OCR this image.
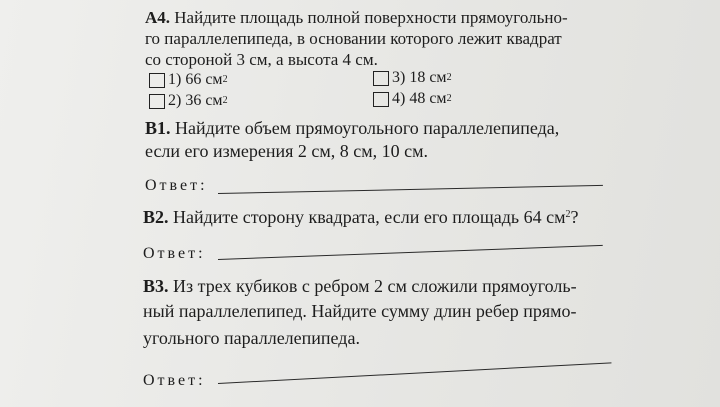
А4. Найдите площадь полной поверхности прямоугольно-
го параллелепипеда, в основании которого лежит квадрат
со стороной 3 см, а высота 4 см.
1)
66 см 2	3)
18 см 2
2)
36 см 2	4)
48 см 2
В1. Найдите объем прямоугольного параллелепипеда,
если его измерения 2 см, 8 см, 10 см.
Ответ:
В2. Найдите сторону квадрата, если его площадь 64 $см^2$?
Ответ:
В3. Из трех кубиков с ребром 2 см сложили прямоуголь-
ный параллелепипед. Найдите сумму длин ребер прямо-
угольного параллелепипеда.
Ответ:
